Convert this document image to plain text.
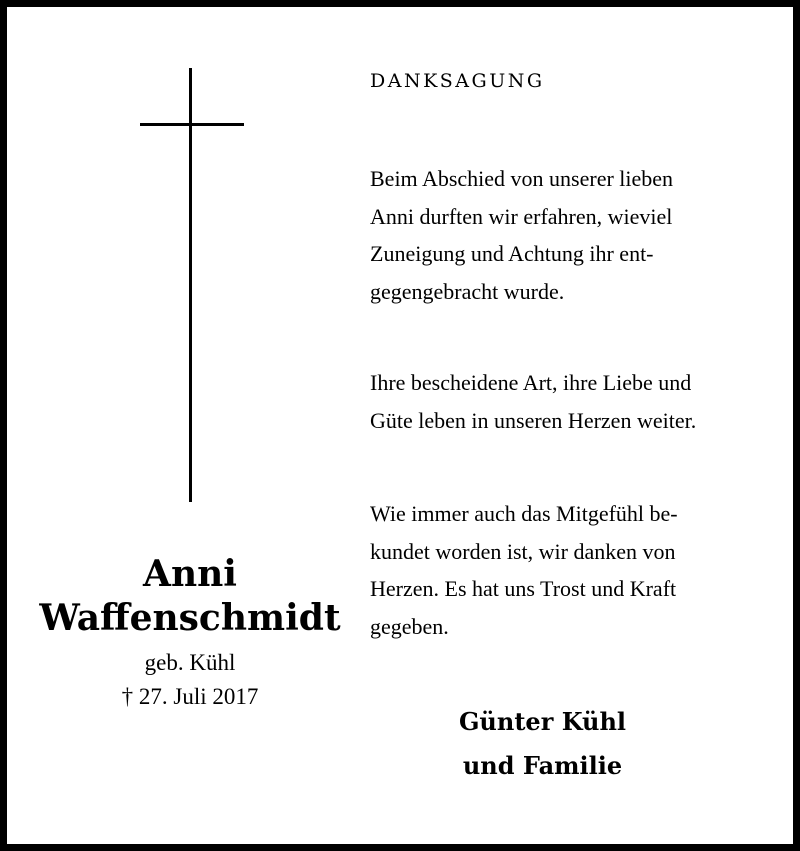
DANKSAGUNG
Beim Abschied von unserer lieben
Anni durften wir erfahren, wieviel
Zuneigung und Achtung ihr ent-
gegengebracht wurde.
Ihre bescheidene Art, ihre Liebe und
Güte leben in unseren Herzen weiter.
Wie immer auch das Mitgefühl be-
kundet worden ist, wir danken von
Herzen. Es hat uns Trost und Kraft
gegeben.
Anni
Waffenschmidt
geb. Kühl
† 27. Juli 2017
Günter Kühl
und Familie
